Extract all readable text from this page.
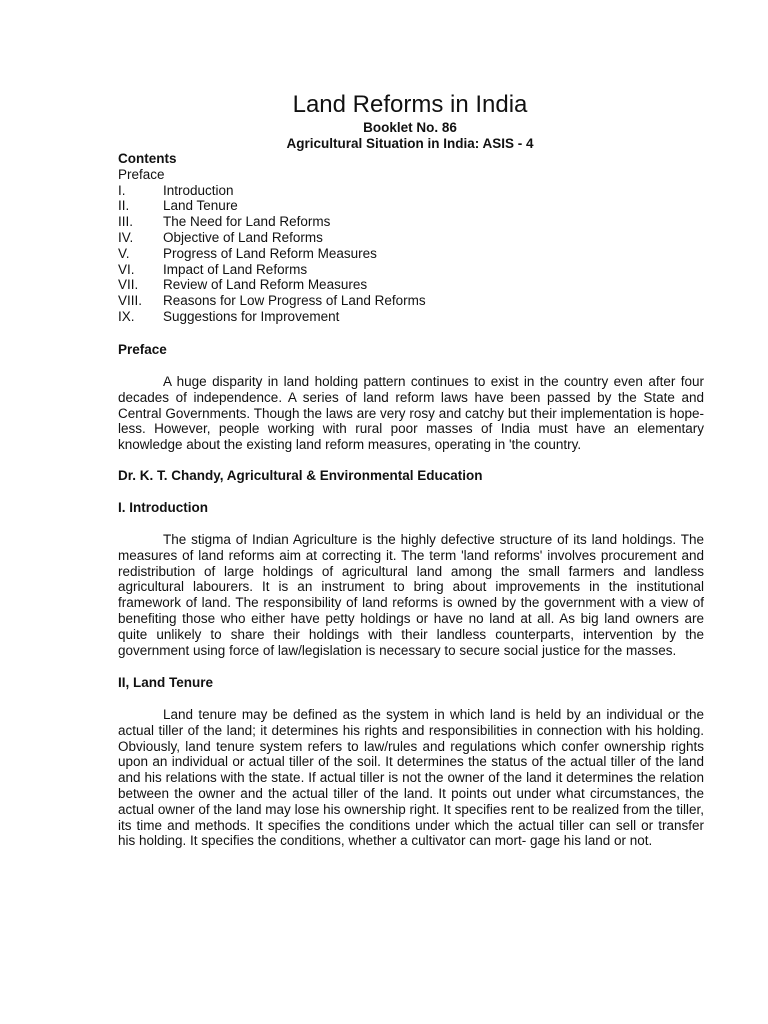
Land Reforms in India
Booklet No. 86
Agricultural Situation in India: ASIS - 4
Contents
Preface
I.	Introduction
II.	Land Tenure
III.	The Need for Land Reforms
IV.	Objective of Land Reforms
V.	Progress of Land Reform Measures
VI.	Impact of Land Reforms
VII.	Review of Land Reform Measures
VIII.	Reasons for Low Progress of Land Reforms
IX.	Suggestions for Improvement
Preface

A huge disparity in land holding pattern continues to exist in the country even after four decades of independence. A series of land reform laws have been passed by the State and Central Governments. Though the laws are very rosy and catchy but their implementation is hope- less. However, people working with rural poor masses of India must have an elementary knowledge about the existing land reform measures, operating in 'the country.

Dr. K. T. Chandy, Agricultural & Environmental Education
I. Introduction

The stigma of Indian Agriculture is the highly defective structure of its land holdings. The measures of land reforms aim at correcting it. The term 'land reforms' involves procurement and redistribution of large holdings of agricultural land among the small farmers and landless agricultural labourers. It is an instrument to bring about improvements in the institutional framework of land. The responsibility of land reforms is owned by the government with a view of benefiting those who either have petty holdings or have no land at all. As big land owners are quite unlikely to share their holdings with their landless counterparts, intervention by the government using force of law/legislation is necessary to secure social justice for the masses.

II, Land Tenure

Land tenure may be defined as the system in which land is held by an individual or the actual tiller of the land; it determines his rights and responsibilities in connection with his holding. Obviously, land tenure system refers to law/rules and regulations which confer ownership rights upon an individual or actual tiller of the soil. It determines the status of the actual tiller of the land and his relations with the state. If actual tiller is not the owner of the land it determines the relation between the owner and the actual tiller of the land. It points out under what circumstances, the actual owner of the land may lose his ownership right. It specifies rent to be realized from the tiller, its time and methods. It specifies the conditions under which the actual tiller can sell or transfer his holding. It specifies the conditions, whether a cultivator can mort- gage his land or not.
